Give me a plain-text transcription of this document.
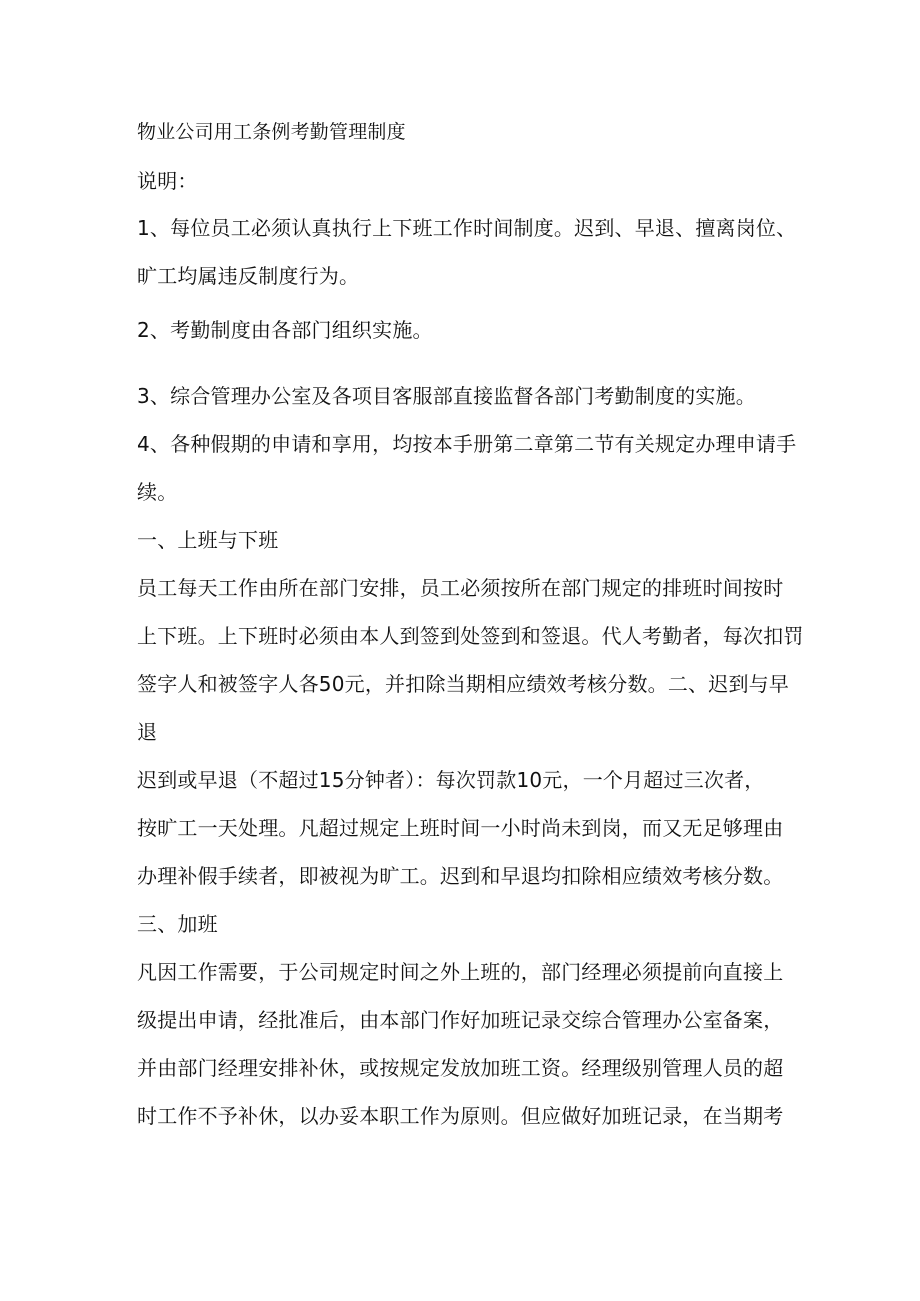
物业公司用工条例考勤管理制度
说明：
1、每位员工必须认真执行上下班工作时间制度。迟到、早退、擅离岗位、
旷工均属违反制度行为。
2、考勤制度由各部门组织实施。
3、综合管理办公室及各项目客服部直接监督各部门考勤制度的实施。
4、各种假期的申请和享用，均按本手册第二章第二节有关规定办理申请手
续。
一、上班与下班
员工每天工作由所在部门安排，员工必须按所在部门规定的排班时间按时
上下班。上下班时必须由本人到签到处签到和签退。代人考勤者，每次扣罚
签字人和被签字人各50元，并扣除当期相应绩效考核分数。二、迟到与早
退
迟到或早退（不超过15分钟者）：每次罚款10元，一个月超过三次者，
按旷工一天处理。凡超过规定上班时间一小时尚未到岗，而又无足够理由
办理补假手续者，即被视为旷工。迟到和早退均扣除相应绩效考核分数。
三、加班
凡因工作需要，于公司规定时间之外上班的，部门经理必须提前向直接上
级提出申请，经批准后，由本部门作好加班记录交综合管理办公室备案，
并由部门经理安排补休，或按规定发放加班工资。经理级别管理人员的超
时工作不予补休，以办妥本职工作为原则。但应做好加班记录，在当期考
